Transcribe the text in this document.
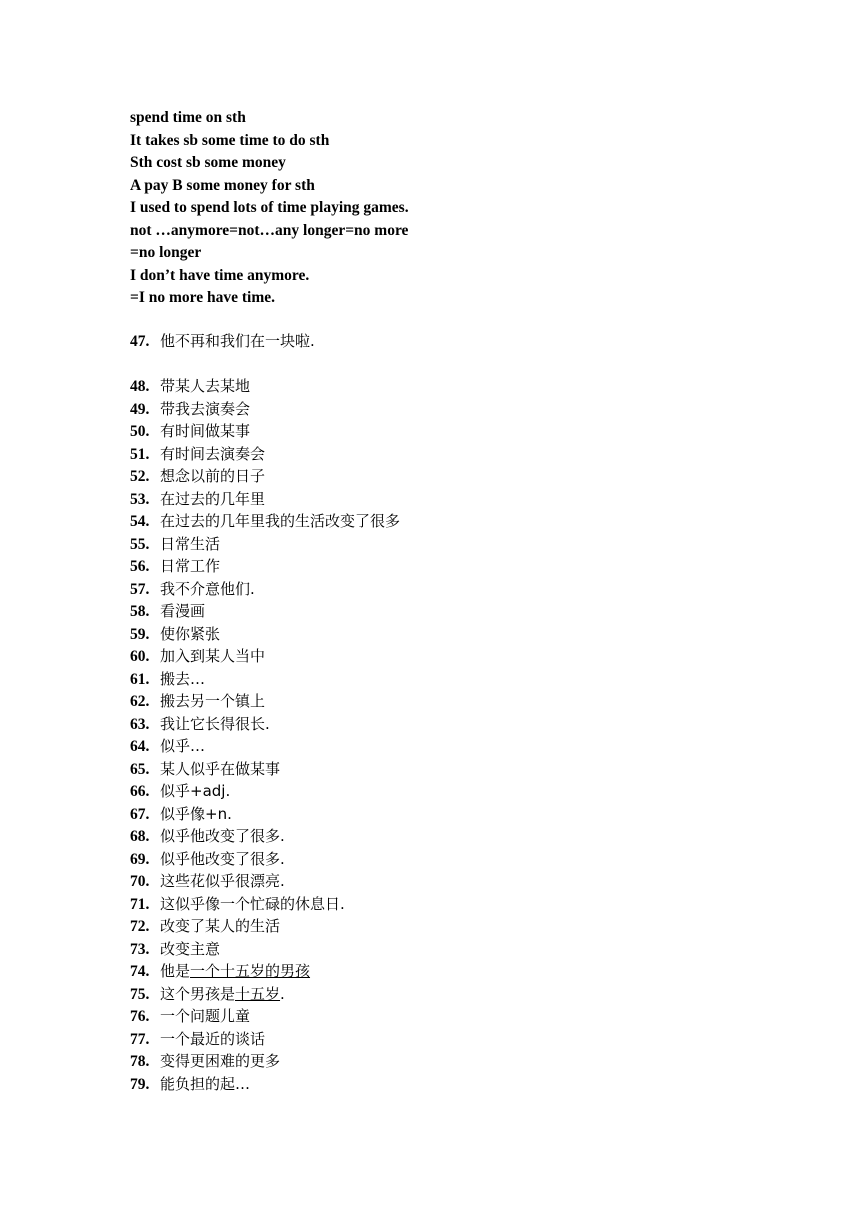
spend time on sth
It takes sb some time to do sth
Sth cost sb some money
A pay B some money for sth
I used to spend lots of time playing games.
not …anymore=not…any longer=no more
=no longer
I don’t have time anymore.
=I no more have time.
47. 他不再和我们在一块啦.
48. 带某人去某地
49. 带我去演奏会
50. 有时间做某事
51. 有时间去演奏会
52. 想念以前的日子
53. 在过去的几年里
54. 在过去的几年里我的生活改变了很多
55. 日常生活
56. 日常工作
57. 我不介意他们.
58. 看漫画
59. 使你紧张
60. 加入到某人当中
61. 搬去…
62. 搬去另一个镇上
63. 我让它长得很长.
64. 似乎…
65. 某人似乎在做某事
66. 似乎+adj.
67. 似乎像+n.
68. 似乎他改变了很多.
69. 似乎他改变了很多.
70. 这些花似乎很漂亮.
71. 这似乎像一个忙碌的休息日.
72. 改变了某人的生活
73. 改变主意
74. 他是一个十五岁的男孩
75. 这个男孩是十五岁.
76. 一个问题儿童
77. 一个最近的谈话
78. 变得更困难的更多
79. 能负担的起…
